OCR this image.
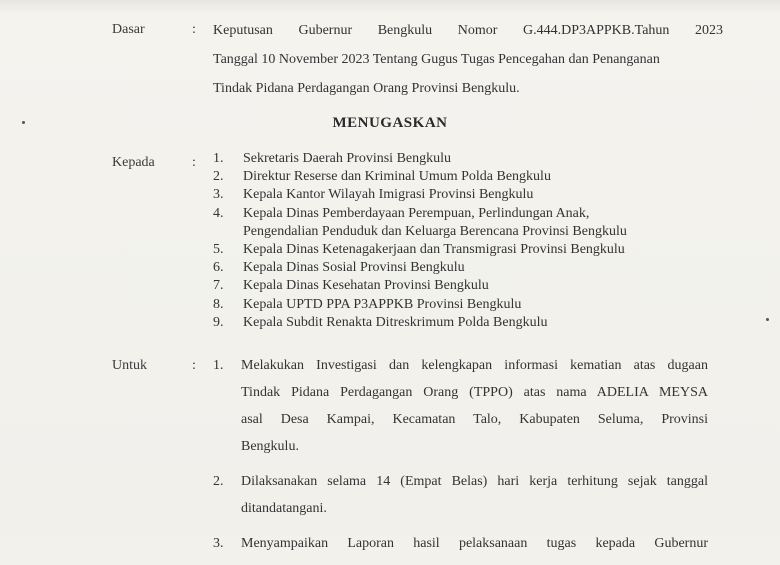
Dasar	: Keputusan Gubernur Bengkulu Nomor G.444.DP3APPKB.Tahun 2023
Tanggal 10 November 2023 Tentang Gugus Tugas Pencegahan dan Penanganan
Tindak Pidana Perdagangan Orang Provinsi Bengkulu.
MENUGASKAN
Kepada	: 1.	Sekretaris Daerah Provinsi Bengkulu
2.	Direktur Reserse dan Kriminal Umum Polda Bengkulu
3.	Kepala Kantor Wilayah Imigrasi Provinsi Bengkulu
4.	Kepala Dinas Pemberdayaan Perempuan, Perlindungan Anak,
Pengendalian Penduduk dan Keluarga Berencana Provinsi Bengkulu
5.	Kepala Dinas Ketenagakerjaan dan Transmigrasi Provinsi Bengkulu
6.	Kepala Dinas Sosial Provinsi Bengkulu
7.	Kepala Dinas Kesehatan Provinsi Bengkulu
8.	Kepala UPTD PPA P3APPKB Provinsi Bengkulu
9.	Kepala Subdit Renakta Ditreskrimum Polda Bengkulu
Untuk	: 1.	Melakukan Investigasi dan kelengkapan informasi kematian atas dugaan
Tindak Pidana Perdagangan Orang (TPPO) atas nama ADELIA MEYSA
asal Desa Kampai, Kecamatan Talo, Kabupaten Seluma, Provinsi
Bengkulu.
2.	Dilaksanakan selama 14 (Empat Belas) hari kerja terhitung sejak tanggal
ditandatangani.
3.	Menyampaikan Laporan hasil pelaksanaan tugas kepada Gubernur
